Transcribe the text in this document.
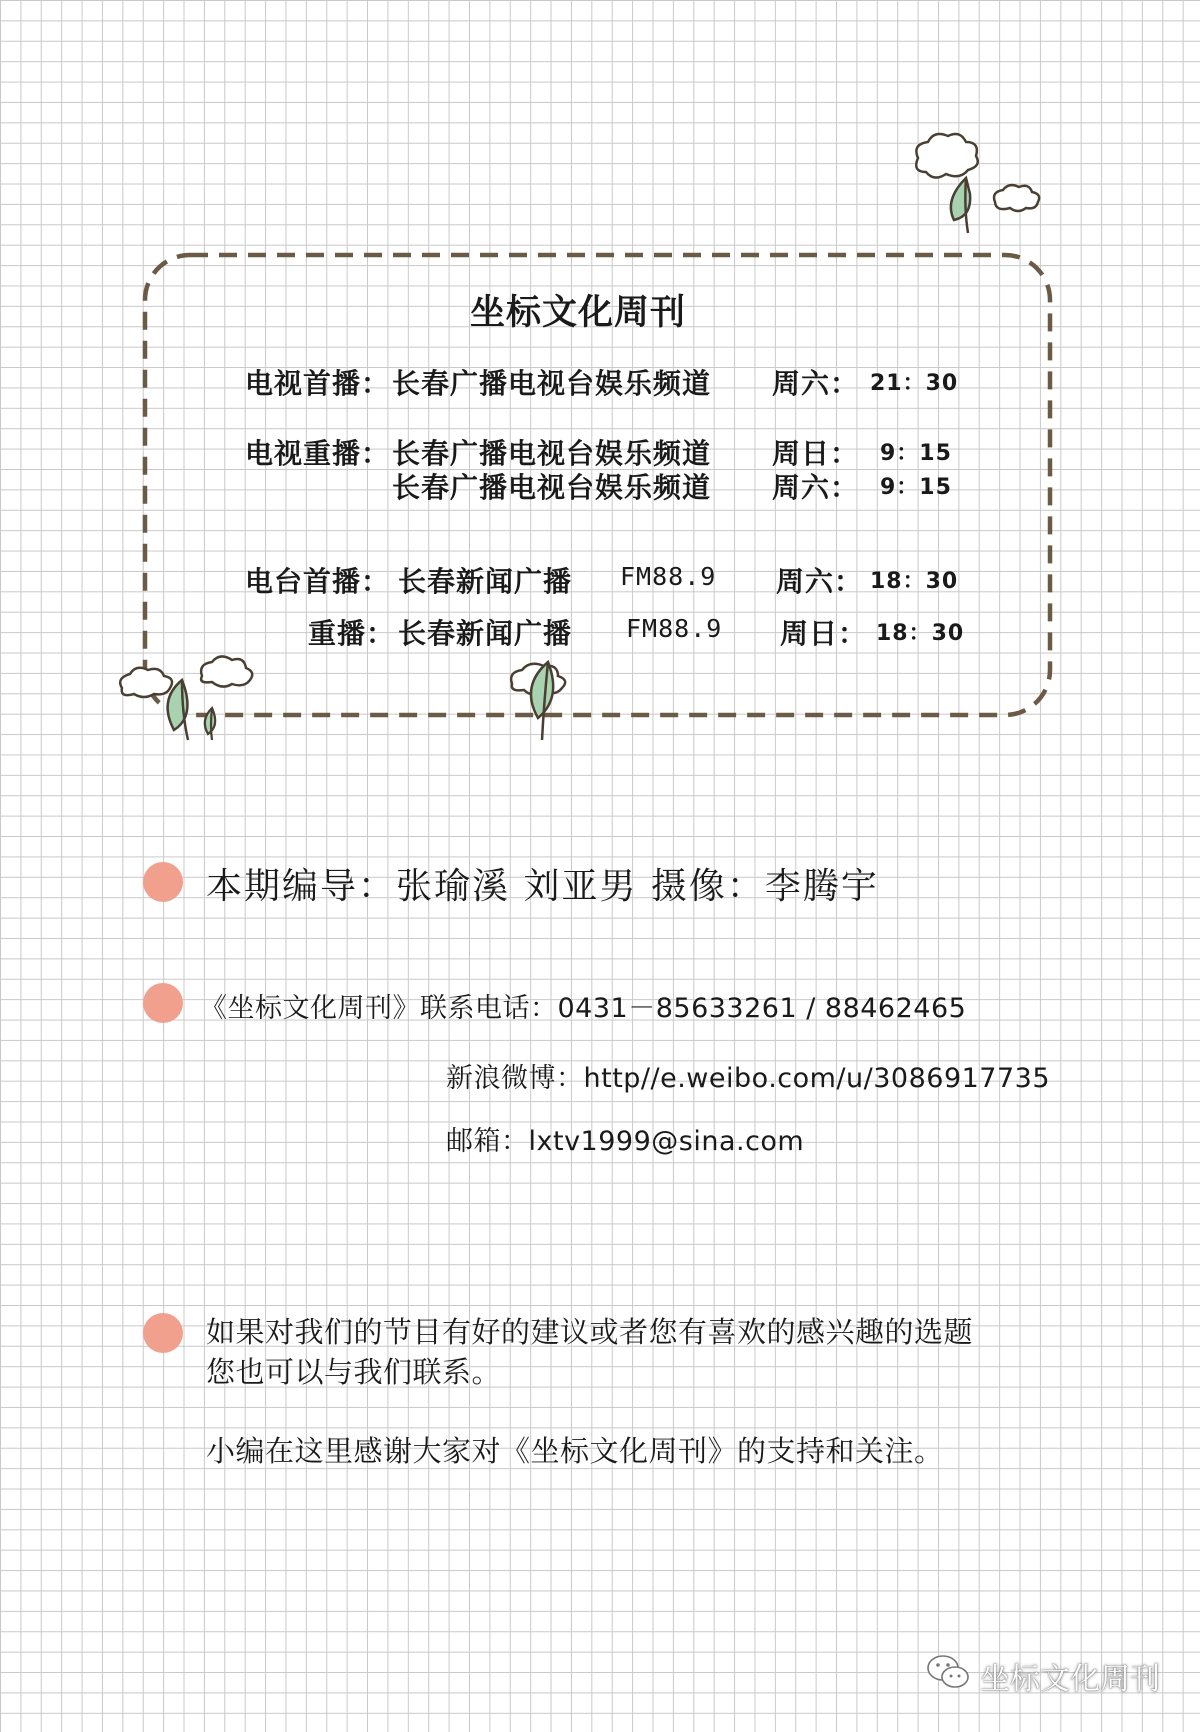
坐标文化周刊
电视首播： 长春广播电视台娱乐频道 周六： 21：30
电视重播： 长春广播电视台娱乐频道 周日： 9：15
长春广播电视台娱乐频道 周六： 9：15
电台首播： 长春新闻广播 FM88.9 周六： 18：30
重播： 长春新闻广播 FM88.9 周日： 18：30
本期编导：张瑜溪 刘亚男 摄像：李腾宇
《坐标文化周刊》联系电话：0431－85633261 / 88462465
新浪微博：http//e.weibo.com/u/3086917735
邮箱：lxtv1999@sina.com
如果对我们的节目有好的建议或者您有喜欢的感兴趣的选题
您也可以与我们联系。
小编在这里感谢大家对《坐标文化周刊》的支持和关注。
坐标文化周刊
